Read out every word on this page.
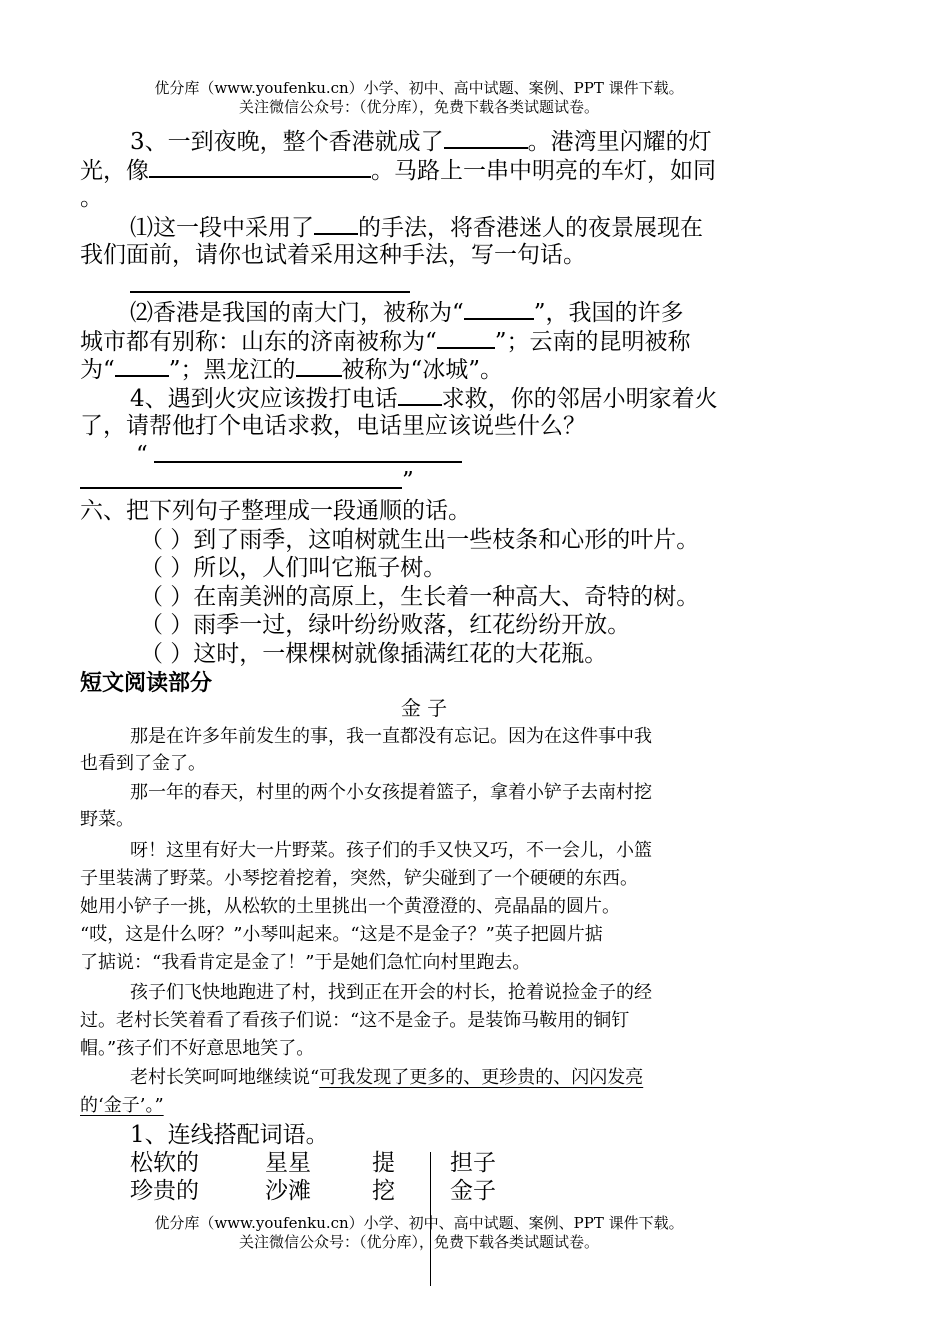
优分库（www.youfenku.cn）小学、初中、高中试题、案例、PPT 课件下载。
关注微信公众号：（优分库），免费下载各类试题试卷。
3、一到夜晚，整个香港就成了	。港湾里闪耀的灯
光，像	。马路上一串中明亮的车灯，如同
。
⑴这一段中采用了 的手法，将香港迷人的夜景展现在
我们面前，请你也试着采用这种手法，写一句话。
⑵香港是我国的南大门，被称为“	”，我国的许多
城市都有别称：山东的济南被称为“	”；云南的昆明被称
为“ ”；黑龙江的 被称为“冰城”。
4、遇到火灾应该拨打电话 求救，你的邻居小明家着火
了，请帮他打个电话求救，电话里应该说些什么？
“
”
六、把下列句子整理成一段通顺的话。
（ ）到了雨季，这咱树就生出一些枝条和心形的叶片。
（ ）所以，人们叫它瓶子树。
（ ）在南美洲的高原上，生长着一种高大、奇特的树。
（ ）雨季一过，绿叶纷纷败落，红花纷纷开放。
（ ）这时，一棵棵树就像插满红花的大花瓶。
短文阅读部分
金 子
那是在许多年前发生的事，我一直都没有忘记。因为在这件事中我
也看到了金了。
那一年的春天，村里的两个小女孩提着篮子，拿着小铲子去南村挖
野菜。
呀！这里有好大一片野菜。孩子们的手又快又巧，不一会儿，小篮
子里装满了野菜。小琴挖着挖着，突然，铲尖碰到了一个硬硬的东西。
她用小铲子一挑，从松软的土里挑出一个黄澄澄的、亮晶晶的圆片。
“哎，这是什么呀？”小琴叫起来。“这是不是金子？”英子把圆片掂
了掂说：“我看肯定是金了！”于是她们急忙向村里跑去。
孩子们飞快地跑进了村，找到正在开会的村长，抢着说捡金子的经
过。老村长笑着看了看孩子们说：“这不是金子。是装饰马鞍用的铜钉
帽。”孩子们不好意思地笑了。
老村长笑呵呵地继续说“可我发现了更多的、更珍贵的、闪闪发亮
的‘金子’。”
1、连线搭配词语。
松软的	星星	提 担子
珍贵的	沙滩	挖 金子
优分库（www.youfenku.cn）小学、初中、高中试题、案例、PPT 课件下载。
关注微信公众号：（优分库），免费下载各类试题试卷。
